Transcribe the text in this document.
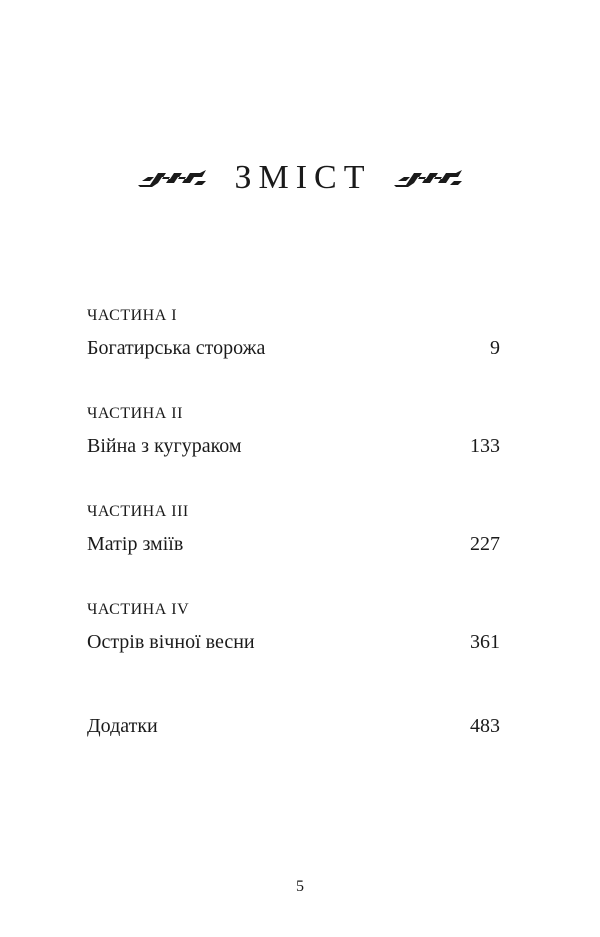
ЗМІСТ
ЧАСТИНА I
Богатирська сторожа	9
ЧАСТИНА II
Війна з кугураком	133
ЧАСТИНА III
Матір зміїв	227
ЧАСТИНА IV
Острів вічної весни	361
Додатки	483
5
